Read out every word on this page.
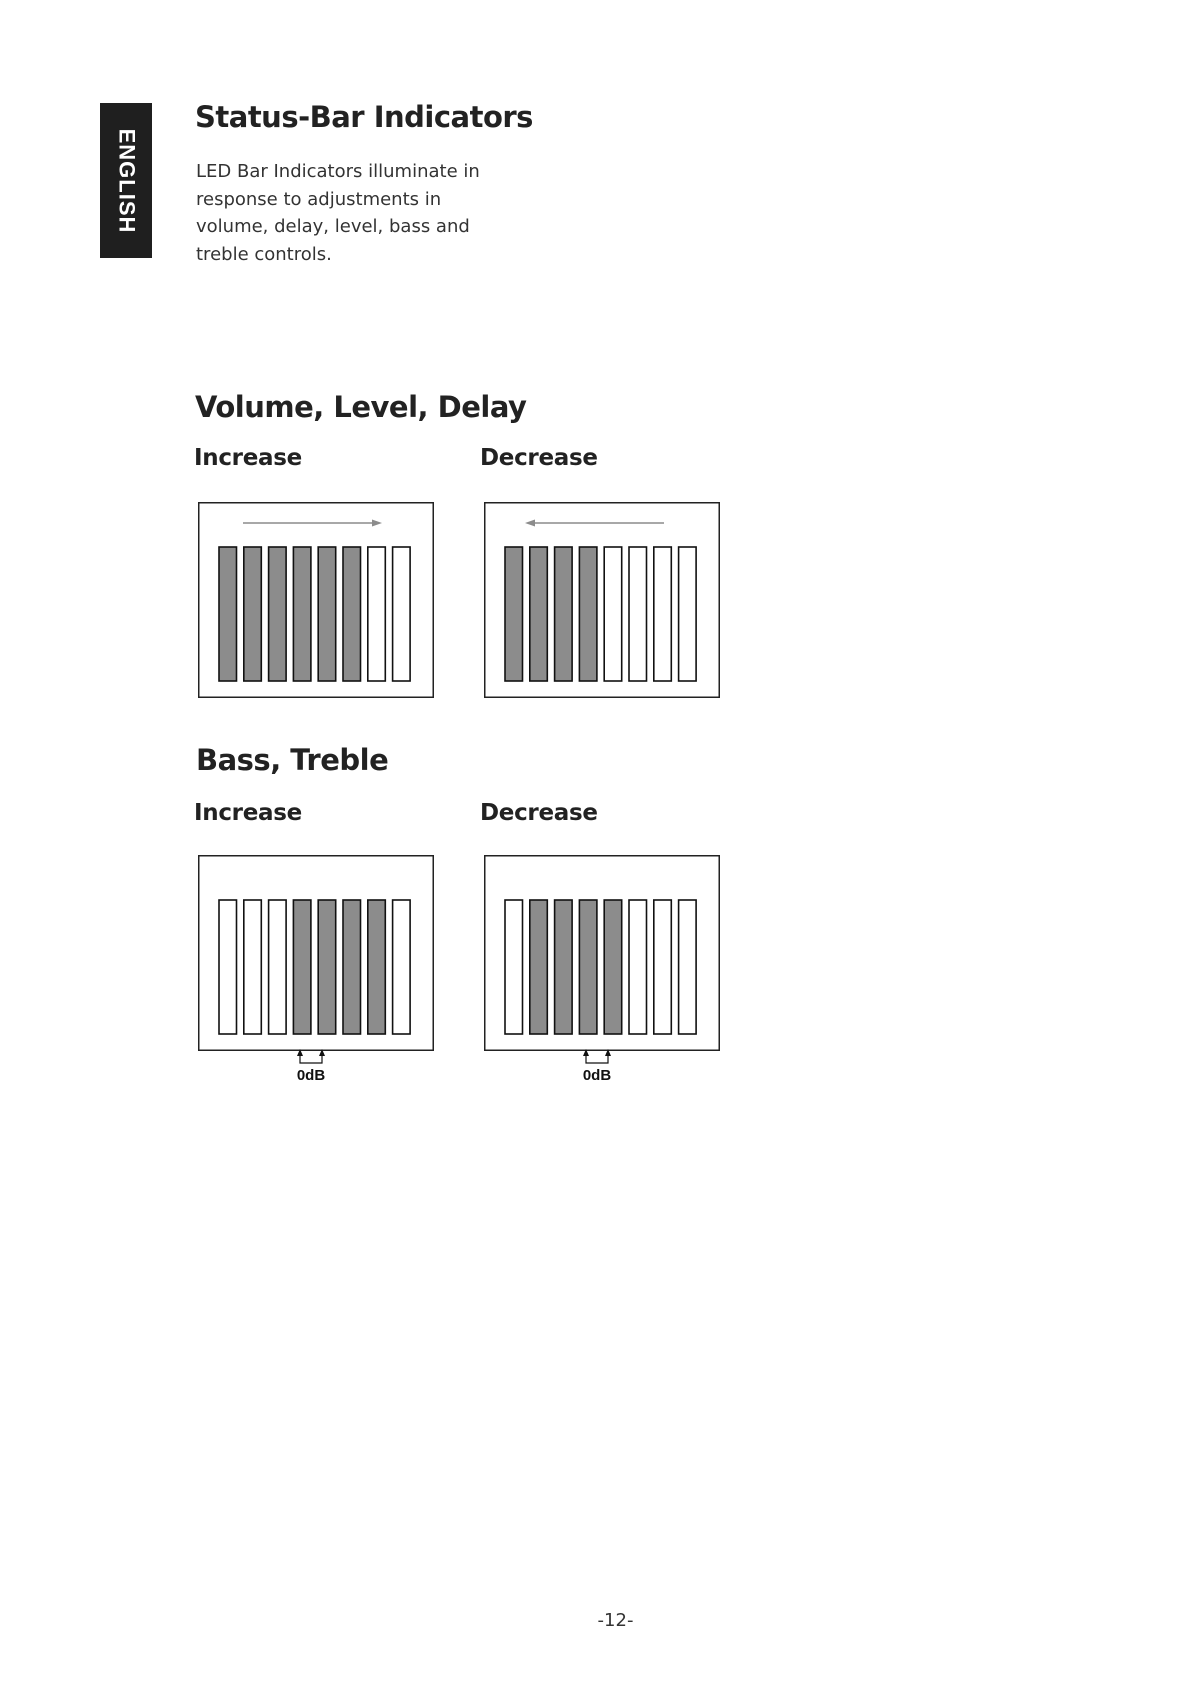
ENGLISH
Status-Bar Indicators

LED Bar Indicators illuminate in response to adjustments in volume, delay, level, bass and treble controls.

Volume, Level, Delay
Increase	Decrease
Bass, Treble
Increase	Decrease
0dB	0dB
-12-
